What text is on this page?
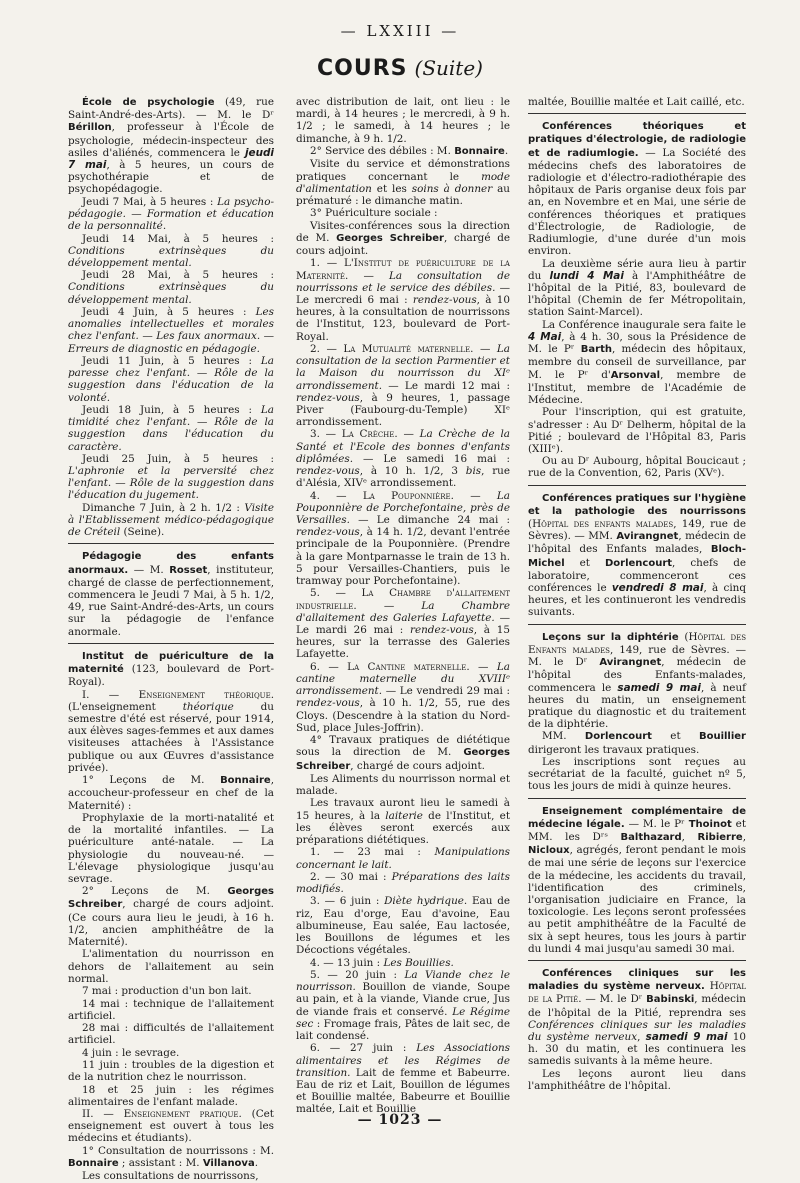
— LXXIII —
COURS (Suite)

École de psychologie (49, rue Saint-André-des-Arts). — M. le Dʳ Bérillon, professeur à l'École de psychologie, médecin-inspecteur des asiles d'aliénés, commencera le jeudi 7 mai, à 5 heures, un cours de psychothérapie et de psychopédagogie.

Jeudi 7 Mai, à 5 heures : La psycho-pédagogie. — Formation et éducation de la personnalité.

Jeudi 14 Mai, à 5 heures : Conditions extrinsèques du développement mental.

Jeudi 28 Mai, à 5 heures : Conditions extrinsèques du développement mental.

Jeudi 4 Juin, à 5 heures : Les anomalies intellectuelles et morales chez l'enfant. — Les faux anormaux. — Erreurs de diagnostic en pédagogie.

Jeudi 11 Juin, à 5 heures : La paresse chez l'enfant. — Rôle de la suggestion dans l'éducation de la volonté.

Jeudi 18 Juin, à 5 heures : La timidité chez l'enfant. — Rôle de la suggestion dans l'éducation du caractère.

Jeudi 25 Juin, à 5 heures : L'aphronie et la perversité chez l'enfant. — Rôle de la suggestion dans l'éducation du jugement.

Dimanche 7 Juin, à 2 h. 1/2 : Visite à l'Etablissement médico-pédagogique de Créteil (Seine).

Pédagogie des enfants anormaux. — M. Rosset, instituteur, chargé de classe de perfectionnement, commencera le Jeudi 7 Mai, à 5 h. 1/2, 49, rue Saint-André-des-Arts, un cours sur la pédagogie de l'enfance anormale.

Institut de puériculture de la maternité (123, boulevard de Port-Royal).

I. — Enseignement théorique. (L'enseignement théorique du semestre d'été est réservé, pour 1914, aux élèves sages-femmes et aux dames visiteuses attachées à l'Assistance publique ou aux Œuvres d'assistance privée).

1° Leçons de M. Bonnaire, accoucheur-professeur en chef de la Maternité) :

Prophylaxie de la morti-natalité et de la mortalité infantiles. — La puériculture anté-natale. — La physiologie du nouveau-né. — L'élevage physiologique jusqu'au sevrage.

2° Leçons de M. Georges Schreiber, chargé de cours adjoint. (Ce cours aura lieu le jeudi, à 16 h. 1/2, ancien amphithéâtre de la Maternité).

L'alimentation du nourrisson en dehors de l'allaitement au sein normal.

7 mai : production d'un bon lait.

14 mai : technique de l'allaitement artificiel.

28 mai : difficultés de l'allaitement artificiel.

4 juin : le sevrage.

11 juin : troubles de la digestion et de la nutrition chez le nourrisson.

18 et 25 juin : les régimes alimentaires de l'enfant malade.

II. — Enseignement pratique. (Cet enseignement est ouvert à tous les médecins et étudiants).

1° Consultation de nourrissons : M. Bonnaire ; assistant : M. Villanova.

Les consultations de nourrissons,

avec distribution de lait, ont lieu : le mardi, à 14 heures ; le mercredi, à 9 h. 1/2 ; le samedi, à 14 heures ; le dimanche, à 9 h. 1/2.

2° Service des débiles : M. Bonnaire.

Visite du service et démonstrations pratiques concernant le mode d'alimentation et les soins à donner au prématuré : le dimanche matin.

3° Puériculture sociale :

Visites-conférences sous la direction de M. Georges Schreiber, chargé de cours adjoint.

1. — L'Institut de puériculture de la Maternité. — La consultation de nourrissons et le service des débiles. — Le mercredi 6 mai : rendez-vous, à 10 heures, à la consultation de nourrissons de l'Institut, 123, boulevard de Port-Royal.

2. — La Mutualité maternelle. — La consultation de la section Parmentier et la Maison du nourrisson du XIᵉ arrondissement. — Le mardi 12 mai : rendez-vous, à 9 heures, 1, passage Piver (Faubourg-du-Temple) XIᵉ arrondissement.

3. — La Crèche. — La Crèche de la Santé et l'Ecole des bonnes d'enfants diplômées. — Le samedi 16 mai : rendez-vous, à 10 h. 1/2, 3 bis, rue d'Alésia, XIVᵉ arrondissement.

4. — La Pouponnière. — La Pouponnière de Porchefontaine, près de Versailles. — Le dimanche 24 mai : rendez-vous, à 14 h. 1/2, devant l'entrée principale de la Pouponnière. (Prendre à la gare Montparnasse le train de 13 h. 5 pour Versailles-Chantiers, puis le tramway pour Porchefontaine).

5. — La Chambre d'allaitement industrielle. — La Chambre d'allaitement des Galeries Lafayette. — Le mardi 26 mai : rendez-vous, à 15 heures, sur la terrasse des Galeries Lafayette.

6. — La Cantine maternelle. — La cantine maternelle du XVIIIᵉ arrondissement. — Le vendredi 29 mai : rendez-vous, à 10 h. 1/2, 55, rue des Cloys. (Descendre à la station du Nord-Sud, place Jules-Joffrin).

4° Travaux pratiques de diététique sous la direction de M. Georges Schreiber, chargé de cours adjoint.

Les Aliments du nourrisson normal et malade.

Les travaux auront lieu le samedi à 15 heures, à la laiterie de l'Institut, et les élèves seront exercés aux préparations diététiques.

1. — 23 mai : Manipulations concernant le lait.

2. — 30 mai : Préparations des laits modifiés.

3. — 6 juin : Diète hydrique. Eau de riz, Eau d'orge, Eau d'avoine, Eau albumineuse, Eau salée, Eau lactosée, les Bouillons de légumes et les Décoctions végétales.

4. — 13 juin : Les Bouillies.

5. — 20 juin : La Viande chez le nourrisson. Bouillon de viande, Soupe au pain, et à la viande, Viande crue, Jus de viande frais et conservé. Le Régime sec : Fromage frais, Pâtes de lait sec, de lait condensé.

6. — 27 juin : Les Associations alimentaires et les Régimes de transition. Lait de femme et Babeurre. Eau de riz et Lait, Bouillon de légumes et Bouillie maltée, Babeurre et Bouillie maltée, Lait et Bouillie

maltée, Bouillie maltée et Lait caillé, etc.

Conférences théoriques et pratiques d'électrologie, de radiologie et de radiumlogie. — La Société des médecins chefs des laboratoires de radiologie et d'électro-radiothérapie des hôpitaux de Paris organise deux fois par an, en Novembre et en Mai, une série de conférences théoriques et pratiques d'Électrologie, de Radiologie, de Radiumlogie, d'une durée d'un mois environ.

La deuxième série aura lieu à partir du lundi 4 Mai à l'Amphithéâtre de l'hôpital de la Pitié, 83, boulevard de l'hôpital (Chemin de fer Métropolitain, station Saint-Marcel).

La Conférence inaugurale sera faite le 4 Mai, à 4 h. 30, sous la Présidence de M. le Pʳ Barth, médecin des hôpitaux, membre du conseil de surveillance, par M. le Pʳ d'Arsonval, membre de l'Institut, membre de l'Académie de Médecine.

Pour l'inscription, qui est gratuite, s'adresser : Au Dʳ Delherm, hôpital de la Pitié ; boulevard de l'Hôpital 83, Paris (XIIIᵉ).

Ou au Dʳ Aubourg, hôpital Boucicaut ; rue de la Convention, 62, Paris (XVᵉ).

Conférences pratiques sur l'hygiène et la pathologie des nourrissons (Hôpital des enfants malades, 149, rue de Sèvres). — MM. Avirangnet, médecin de l'hôpital des Enfants malades, Bloch-Michel et Dorlencourt, chefs de laboratoire, commenceront ces conférences le vendredi 8 mai, à cinq heures, et les continueront les vendredis suivants.

Leçons sur la diphtérie (Hôpital des Enfants malades, 149, rue de Sèvres. — M. le Dʳ Avirangnet, médecin de l'hôpital des Enfants-malades, commencera le samedi 9 mai, à neuf heures du matin, un enseignement pratique du diagnostic et du traitement de la diphtérie.

MM. Dorlencourt et Bouillier dirigeront les travaux pratiques.

Les inscriptions sont reçues au secrétariat de la faculté, guichet nº 5, tous les jours de midi à quinze heures.

Enseignement complémentaire de médecine légale. — M. le Pʳ Thoinot et MM. les Dʳˢ Balthazard, Ribierre, Nicloux, agrégés, feront pendant le mois de mai une série de leçons sur l'exercice de la médecine, les accidents du travail, l'identification des criminels, l'organisation judiciaire en France, la toxicologie. Les leçons seront professées au petit amphithéâtre de la Faculté de six à sept heures, tous les jours à partir du lundi 4 mai jusqu'au samedi 30 mai.

Conférences cliniques sur les maladies du système nerveux. Hôpital de la Pitié. — M. le Dʳ Babinski, médecin de l'hôpital de la Pitié, reprendra ses Conférences cliniques sur les maladies du système nerveux, samedi 9 mai 10 h. 30 du matin, et les continuera les samedis suivants à la même heure.

Les leçons auront lieu dans l'amphithéâtre de l'hôpital.

— 1023 —
